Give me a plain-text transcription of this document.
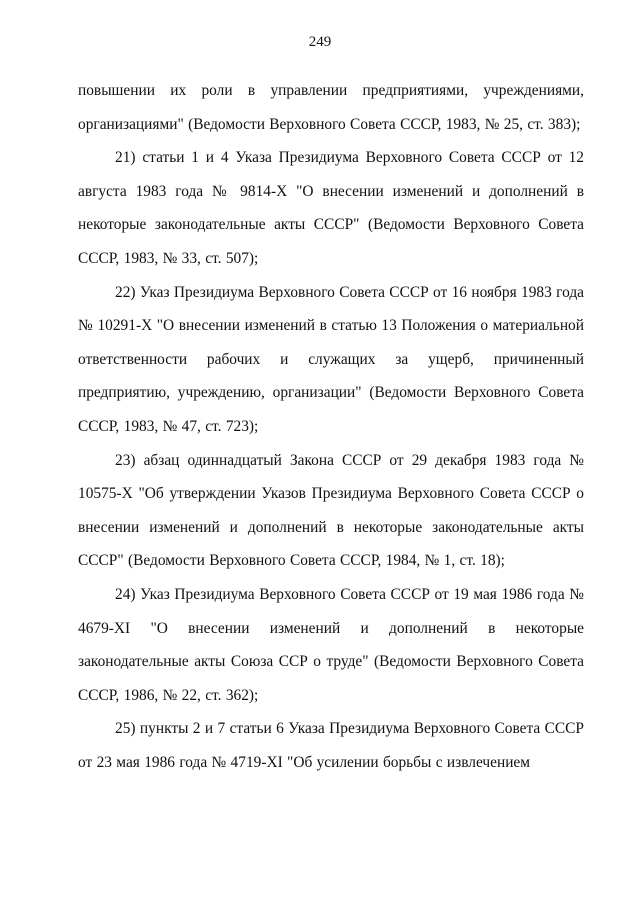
249

повышении их роли в управлении предприятиями, учреждениями, организациями" (Ведомости Верховного Совета СССР, 1983, № 25, ст. 383);

21) статьи 1 и 4 Указа Президиума Верховного Совета СССР от 12 августа 1983 года № 9814-X "О внесении изменений и дополнений в некоторые законодательные акты СССР" (Ведомости Верховного Совета СССР, 1983, № 33, ст. 507);

22) Указ Президиума Верховного Совета СССР от 16 ноября 1983 года № 10291-X "О внесении изменений в статью 13 Положения о материальной ответственности рабочих и служащих за ущерб, причиненный предприятию, учреждению, организации" (Ведомости Верховного Совета СССР, 1983, № 47, ст. 723);

23) абзац одиннадцатый Закона СССР от 29 декабря 1983 года № 10575-X "Об утверждении Указов Президиума Верховного Совета СССР о внесении изменений и дополнений в некоторые законодательные акты СССР" (Ведомости Верховного Совета СССР, 1984, № 1, ст. 18);

24) Указ Президиума Верховного Совета СССР от 19 мая 1986 года № 4679-XI "О внесении изменений и дополнений в некоторые законодательные акты Союза ССР о труде" (Ведомости Верховного Совета СССР, 1986, № 22, ст. 362);

25) пункты 2 и 7 статьи 6 Указа Президиума Верховного Совета СССР от 23 мая 1986 года № 4719-XI "Об усилении борьбы с извлечением
